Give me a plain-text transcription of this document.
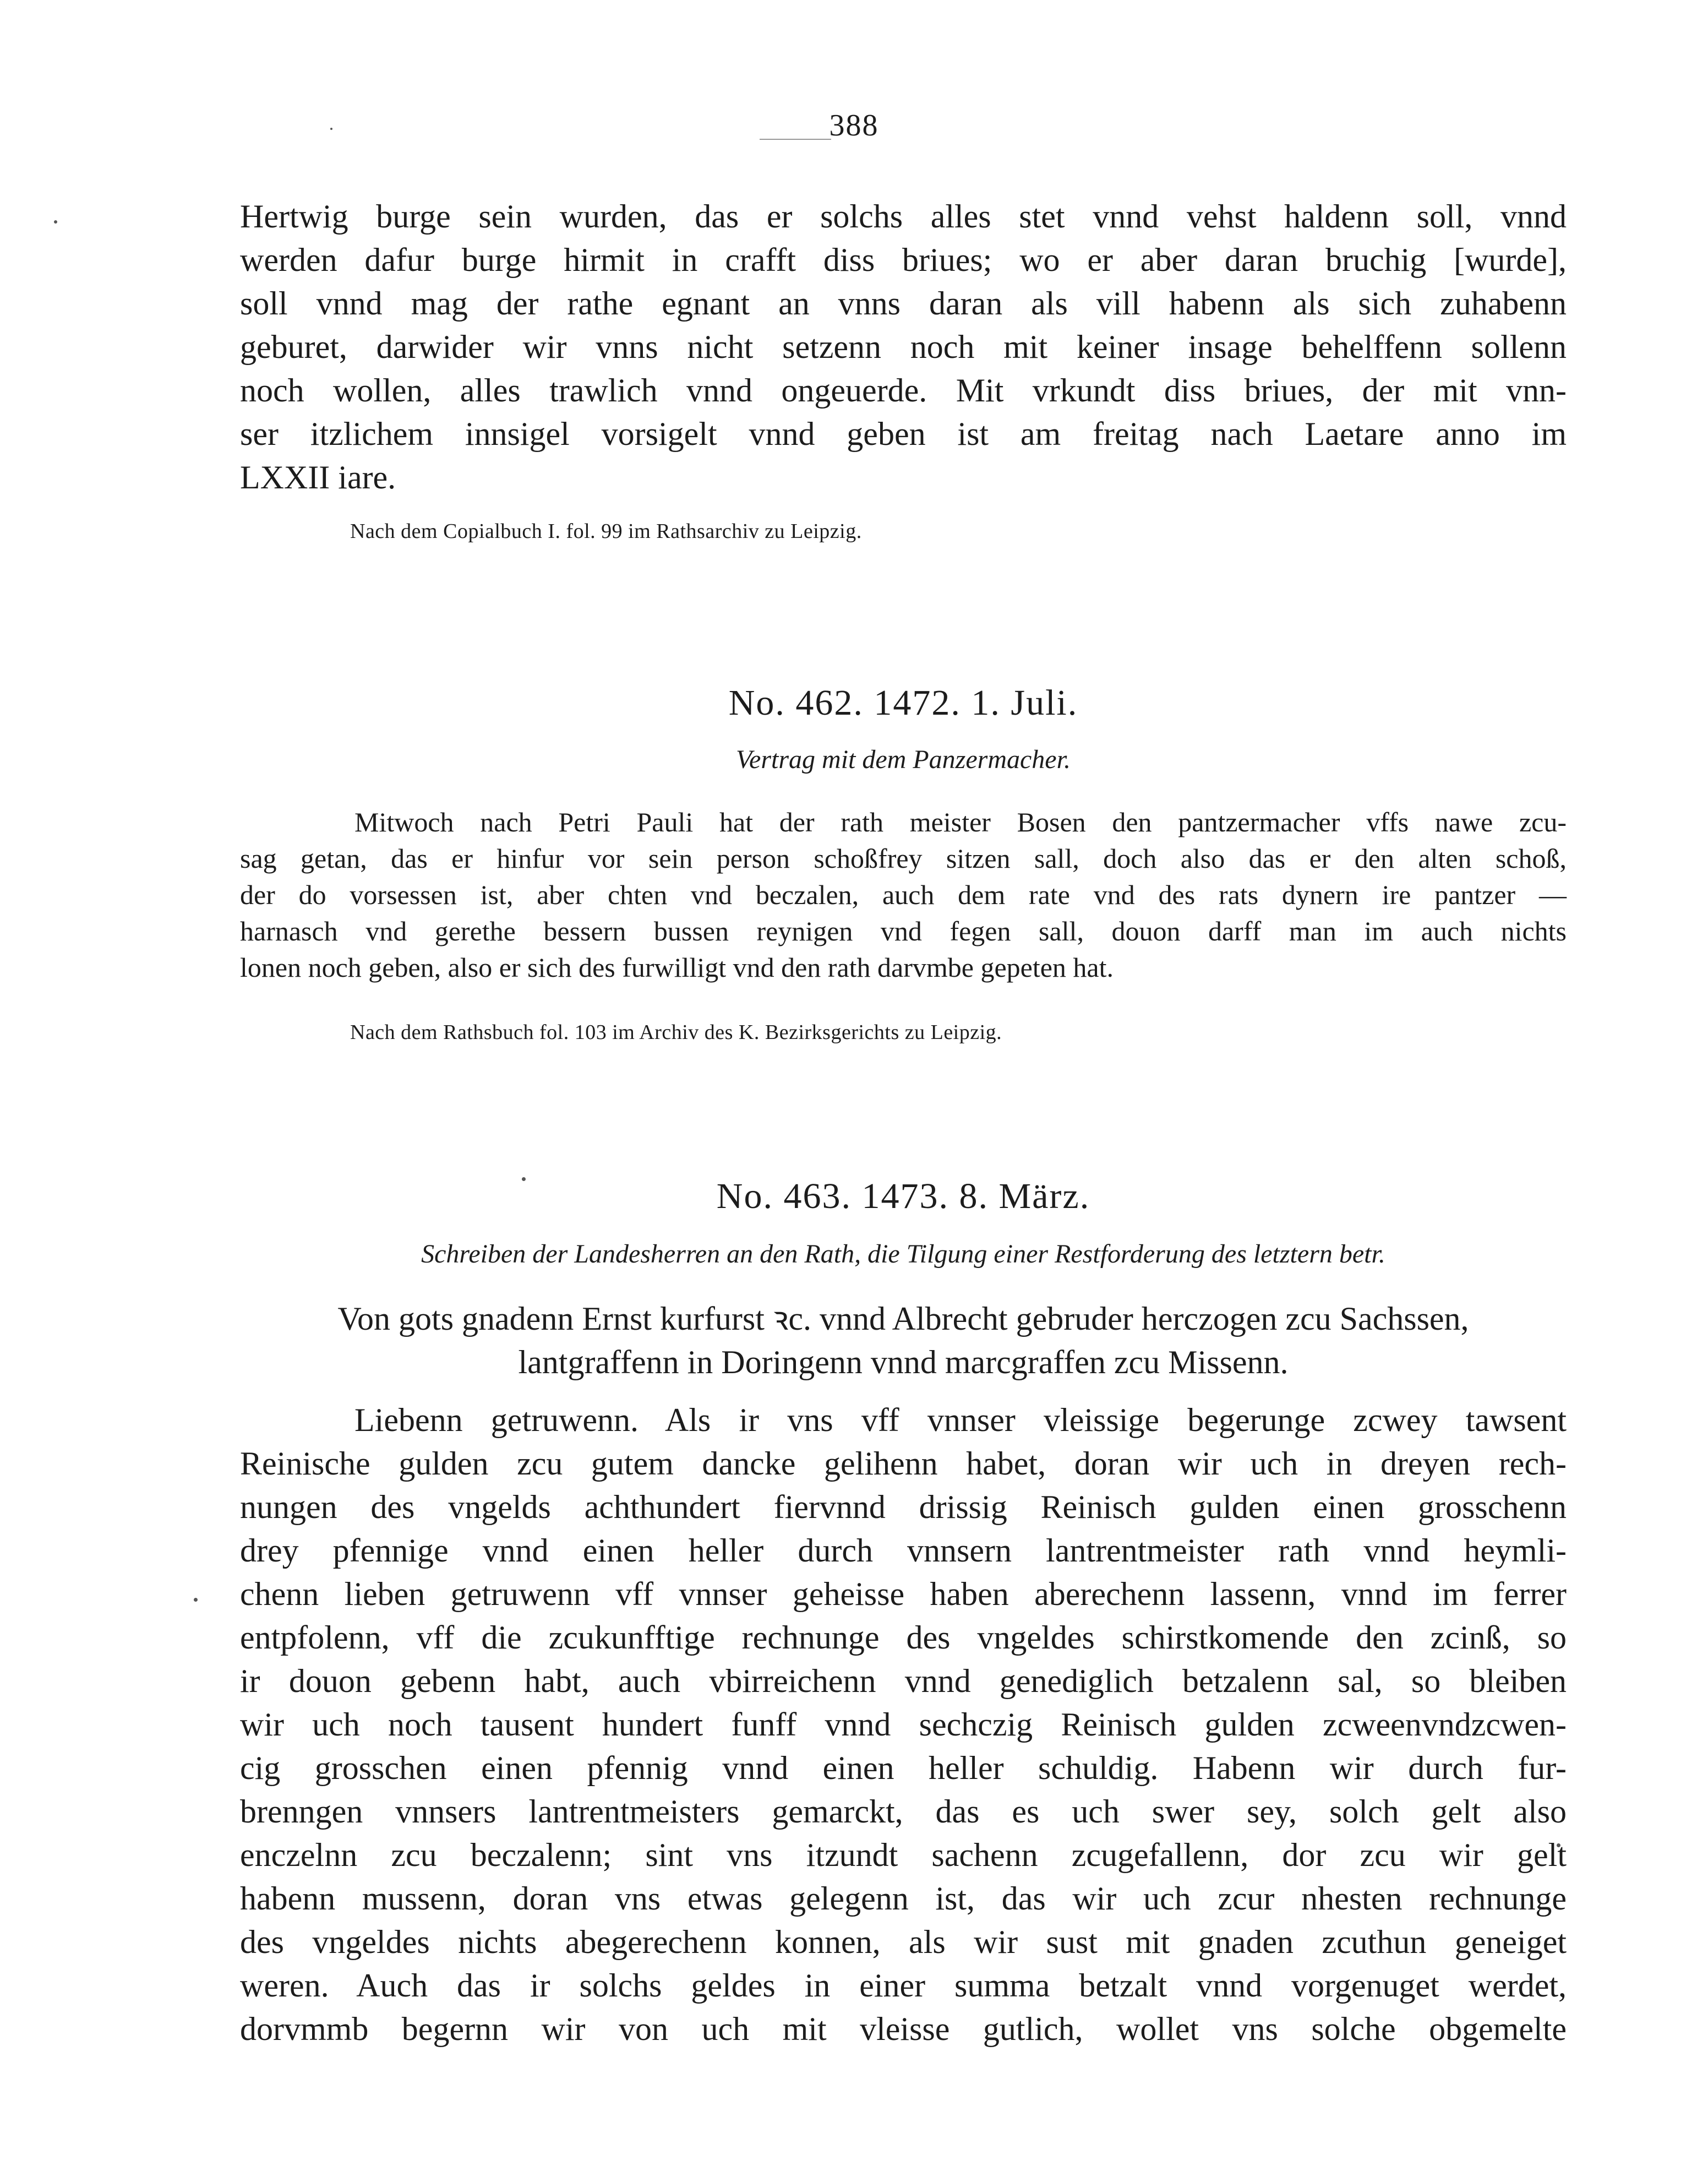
388

Hertwig burge sein wurden, das er solchs alles stet vnnd vehst haldenn soll, vnnd
werden dafur burge hirmit in crafft diss briues; wo er aber daran bruchig [wurde],
soll vnnd mag der rathe egnant an vnns daran als vill habenn als sich zuhabenn
geburet, darwider wir vnns nicht setzenn noch mit keiner insage behelffenn sollenn
noch wollen, alles trawlich vnnd ongeuerde. Mit vrkundt diss briues, der mit vnn-
ser itzlichem innsigel vorsigelt vnnd geben ist am freitag nach Laetare anno im
LXXII iare.

Nach dem Copialbuch I. fol. 99 im Rathsarchiv zu Leipzig.
No. 462. 1472. 1. Juli.
Vertrag mit dem Panzermacher.

Mitwoch nach Petri Pauli hat der rath meister Bosen den pantzermacher vffs nawe zcu-
sag getan, das er hinfur vor sein person schoßfrey sitzen sall, doch also das er den alten schoß,
der do vorsessen ist, aber chten vnd beczalen, auch dem rate vnd des rats dynern ire pantzer —
harnasch vnd gerethe bessern bussen reynigen vnd fegen sall, douon darff man im auch nichts
lonen noch geben, also er sich des furwilligt vnd den rath darvmbe gepeten hat.

Nach dem Rathsbuch fol. 103 im Archiv des K. Bezirksgerichts zu Leipzig.
No. 463. 1473. 8. März.
Schreiben der Landesherren an den Rath, die Tilgung einer Restforderung des letztern betr.
Von gots gnadenn Ernst kurfurst ꝛc. vnnd Albrecht gebruder herczogen zcu Sachssen,
lantgraffenn in Doringenn vnnd marcgraffen zcu Missenn.

Liebenn getruwenn. Als ir vns vff vnnser vleissige begerunge zcwey tawsent
Reinische gulden zcu gutem dancke gelihenn habet, doran wir uch in dreyen rech-
nungen des vngelds achthundert fiervnnd drissig Reinisch gulden einen grosschenn
drey pfennige vnnd einen heller durch vnnsern lantrentmeister rath vnnd heymli-
chenn lieben getruwenn vff vnnser geheisse haben aberechenn lassenn, vnnd im ferrer
entpfolenn, vff die zcukunfftige rechnunge des vngeldes schirstkomende den zcinß, so
ir douon gebenn habt, auch vbirreichenn vnnd genediglich betzalenn sal, so bleiben
wir uch noch tausent hundert funff vnnd sechczig Reinisch gulden zcweenvndzcwen-
cig grosschen einen pfennig vnnd einen heller schuldig. Habenn wir durch fur-
brenngen vnnsers lantrentmeisters gemarckt, das es uch swer sey, solch gelt also
enczelnn zcu beczalenn; sint vns itzundt sachenn zcugefallenn, dor zcu wir gelt
habenn mussenn, doran vns etwas gelegenn ist, das wir uch zcur nhesten rechnunge
des vngeldes nichts abegerechenn konnen, als wir sust mit gnaden zcuthun geneiget
weren. Auch das ir solchs geldes in einer summa betzalt vnnd vorgenuget werdet,
dorvmmb begernn wir von uch mit vleisse gutlich, wollet vns solche obgemelte
